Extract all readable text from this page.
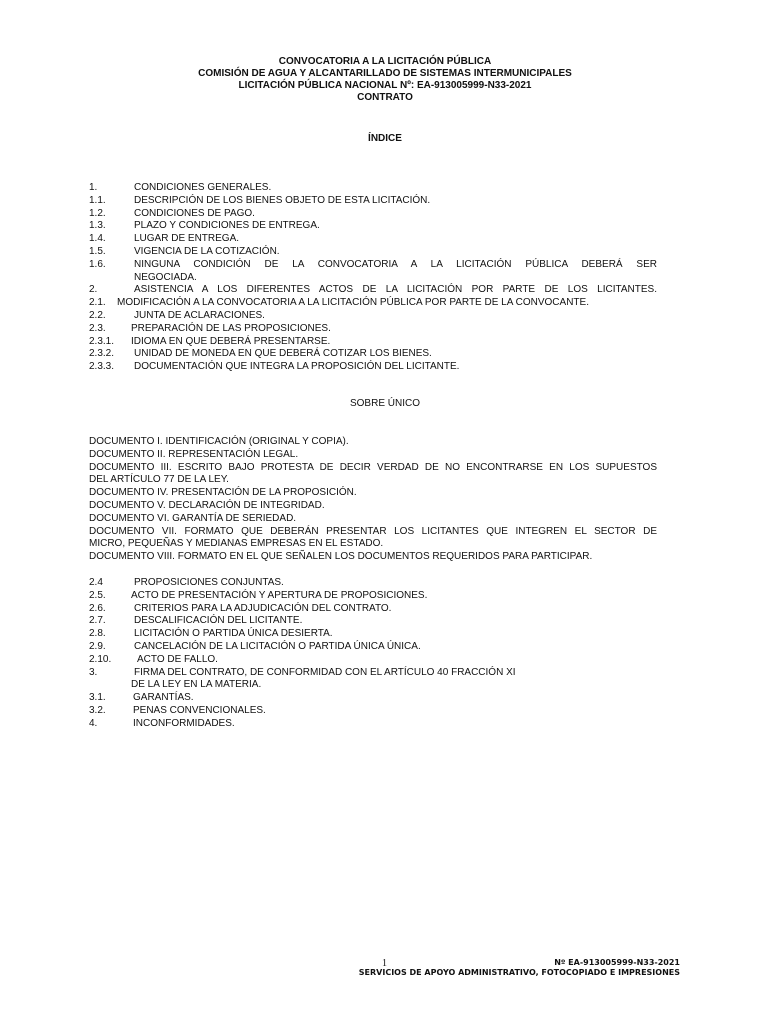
CONVOCATORIA A LA LICITACIÓN PÚBLICA
COMISIÓN DE AGUA Y ALCANTARILLADO DE SISTEMAS INTERMUNICIPALES
LICITACIÓN PÚBLICA NACIONAL Nº: EA-913005999-N33-2021
CONTRATO
ÍNDICE
1.	CONDICIONES GENERALES.
1.1.	DESCRIPCIÓN DE LOS BIENES OBJETO DE ESTA LICITACIÓN.
1.2.	CONDICIONES DE PAGO.
1.3.	PLAZO Y CONDICIONES DE ENTREGA.
1.4.	LUGAR DE ENTREGA.
1.5.	VIGENCIA DE LA COTIZACIÓN.
1.6.	NINGUNA CONDICIÓN DE LA CONVOCATORIA A LA LICITACIÓN PÚBLICA DEBERÁ SER
NEGOCIADA.
2.	ASISTENCIA A LOS DIFERENTES ACTOS DE LA LICITACIÓN POR PARTE DE LOS LICITANTES.
2.1.	MODIFICACIÓN A LA CONVOCATORIA A LA LICITACIÓN PÚBLICA POR PARTE DE LA CONVOCANTE.
2.2.	JUNTA DE ACLARACIONES.
2.3.	PREPARACIÓN DE LAS PROPOSICIONES.
2.3.1.	IDIOMA EN QUE DEBERÁ PRESENTARSE.
2.3.2.	UNIDAD DE MONEDA EN QUE DEBERÁ COTIZAR LOS BIENES.
2.3.3.	DOCUMENTACIÓN QUE INTEGRA LA PROPOSICIÓN DEL LICITANTE.
SOBRE ÚNICO
DOCUMENTO I. IDENTIFICACIÓN (ORIGINAL Y COPIA).
DOCUMENTO II. REPRESENTACIÓN LEGAL.
DOCUMENTO III. ESCRITO BAJO PROTESTA DE DECIR VERDAD DE NO ENCONTRARSE EN LOS SUPUESTOS
DEL ARTÍCULO 77 DE LA LEY.
DOCUMENTO IV. PRESENTACIÓN DE LA PROPOSICIÓN.
DOCUMENTO V. DECLARACIÓN DE INTEGRIDAD.
DOCUMENTO VI. GARANTÍA DE SERIEDAD.
DOCUMENTO VII. FORMATO QUE DEBERÁN PRESENTAR LOS LICITANTES QUE INTEGREN EL SECTOR DE
MICRO, PEQUEÑAS Y MEDIANAS EMPRESAS EN EL ESTADO.
DOCUMENTO VIII. FORMATO EN EL QUE SEÑALEN LOS DOCUMENTOS REQUERIDOS PARA PARTICIPAR.
2.4	PROPOSICIONES CONJUNTAS.
2.5.	ACTO DE PRESENTACIÓN Y APERTURA DE PROPOSICIONES.
2.6.	CRITERIOS PARA LA ADJUDICACIÓN DEL CONTRATO.
2.7.	DESCALIFICACIÓN DEL LICITANTE.
2.8.	LICITACIÓN O PARTIDA ÚNICA DESIERTA.
2.9.	CANCELACIÓN DE LA LICITACIÓN O PARTIDA ÚNICA ÚNICA.
2.10.	ACTO DE FALLO.
3.	FIRMA DEL CONTRATO, DE CONFORMIDAD CON EL ARTÍCULO 40 FRACCIÓN XI
DE LA LEY EN LA MATERIA.
3.1.	GARANTÍAS.
3.2.	PENAS CONVENCIONALES.
4.	INCONFORMIDADES.
1	Nº EA-913005999-N33-2021
SERVICIOS DE APOYO ADMINISTRATIVO, FOTOCOPIADO E IMPRESIONES
